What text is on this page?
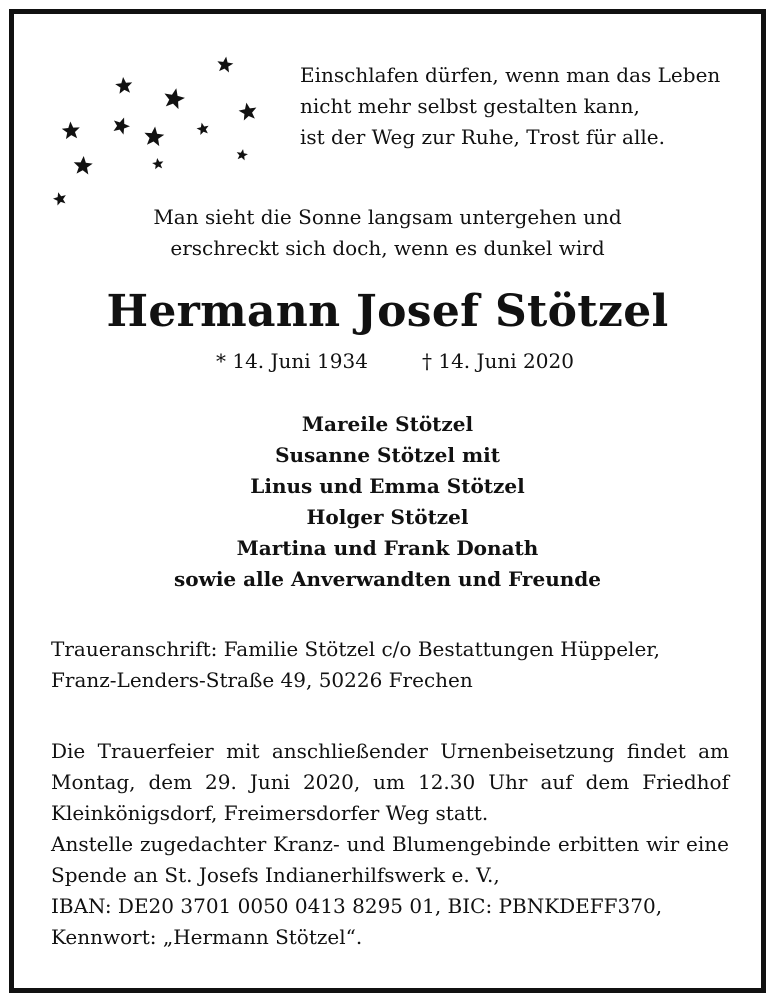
Einschlafen dürfen, wenn man das Leben
nicht mehr selbst gestalten kann,
ist der Weg zur Ruhe, Trost für alle.
Man sieht die Sonne langsam untergehen und
erschreckt sich doch, wenn es dunkel wird
Hermann Josef Stötzel
* 14. Juni 1934	† 14. Juni 2020
Mareile Stötzel
Susanne Stötzel mit
Linus und Emma Stötzel
Holger Stötzel
Martina und Frank Donath
sowie alle Anverwandten und Freunde
Traueranschrift: Familie Stötzel c/o Bestattungen Hüppeler,
Franz-Lenders-Straße 49, 50226 Frechen
Die Trauerfeier mit anschließender Urnenbeisetzung findet am
Montag, dem 29. Juni 2020, um 12.30 Uhr auf dem Friedhof
Kleinkönigsdorf, Freimersdorfer Weg statt.
Anstelle zugedachter Kranz- und Blumengebinde erbitten wir eine
Spende an St. Josefs Indianerhilfswerk e. V.,
IBAN: DE20 3701 0050 0413 8295 01, BIC: PBNKDEFF370,
Kennwort: „Hermann Stötzel“.
